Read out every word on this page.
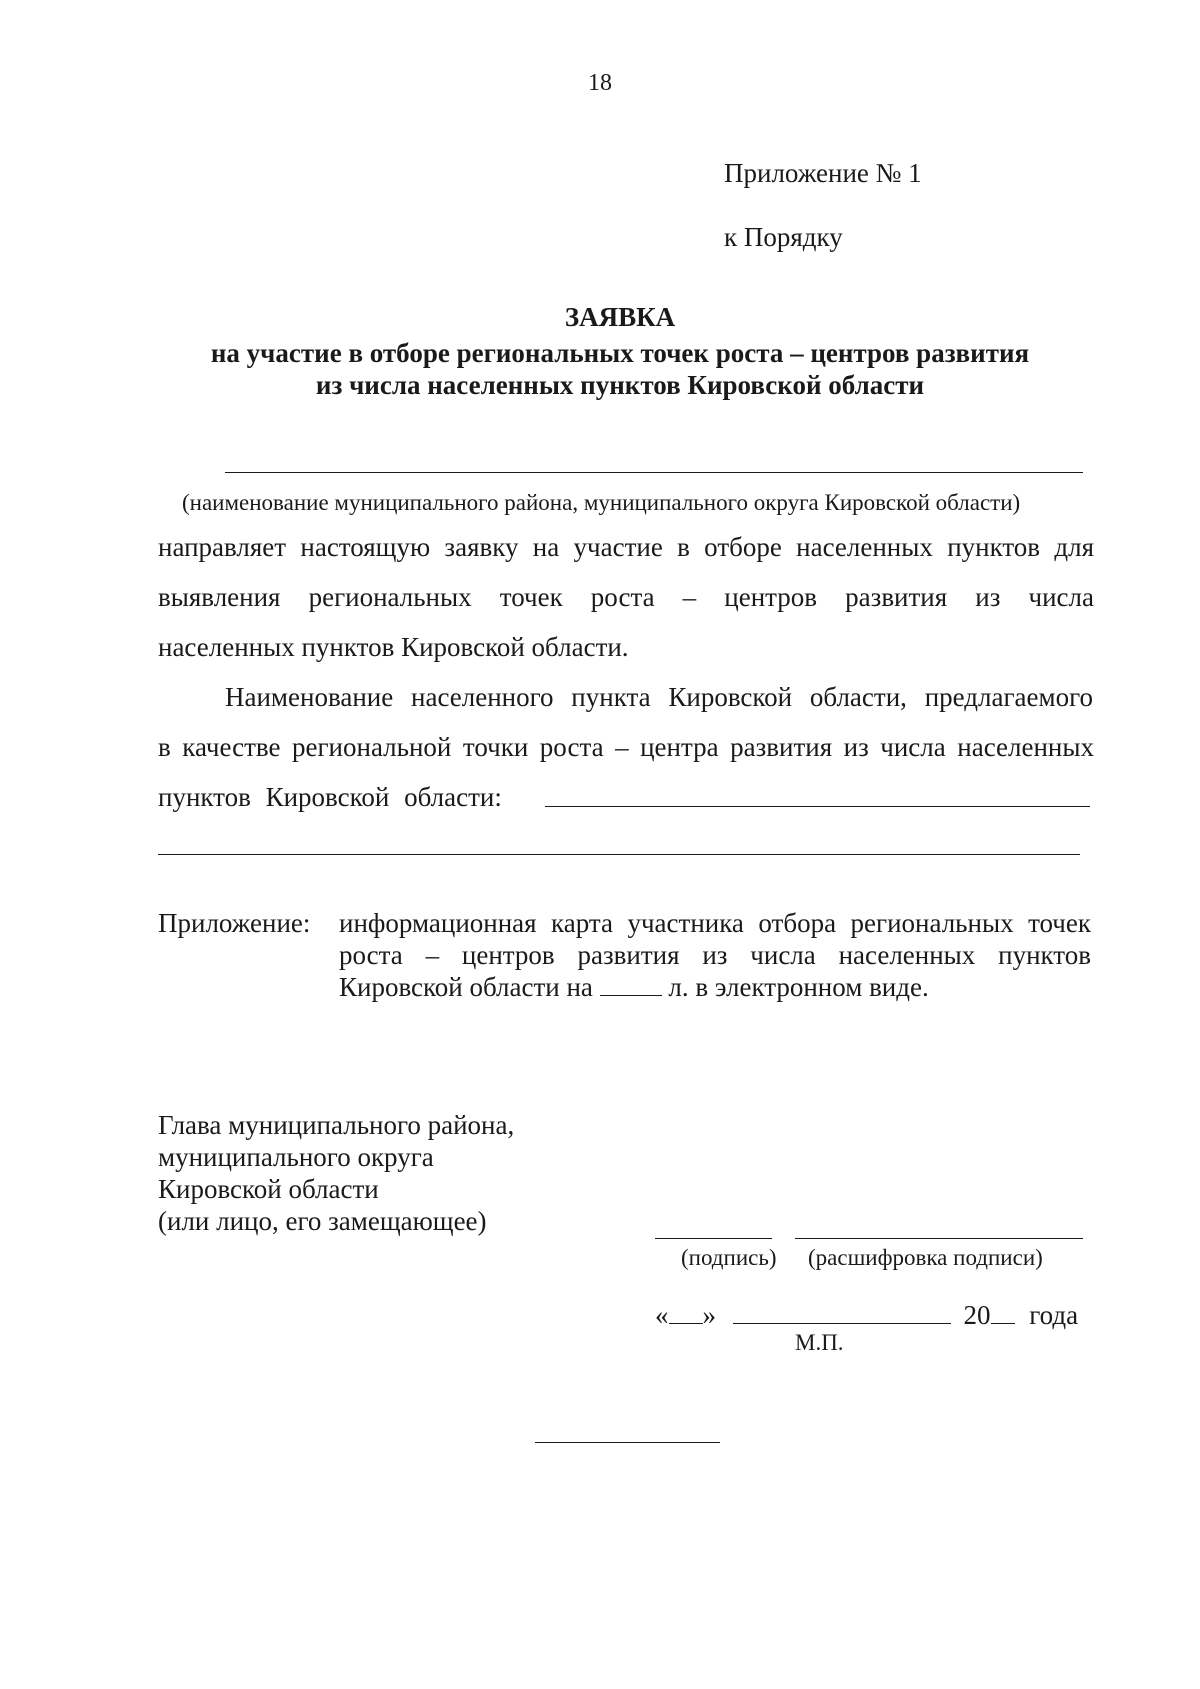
18
Приложение № 1
к Порядку
ЗАЯВКА
на участие в отборе региональных точек роста – центров развития
из числа населенных пунктов Кировской области
(наименование муниципального района, муниципального округа Кировской области)
направляет настоящую заявку на участие в отборе населенных пунктов для
выявления региональных точек роста – центров развития из числа
населенных пунктов Кировской области.
Наименование населенного пункта Кировской области, предлагаемого
в качестве региональной точки роста – центра развития из числа населенных
пунктов Кировской области:
Приложение: информационная карта участника отбора региональных точек
роста – центров развития из числа населенных пунктов
Кировской области на	л. в электронном виде.
Глава муниципального района,
муниципального округа
Кировской области
(или лицо, его замещающее)
(подпись) (расшифровка подписи)
« »	20 года
М.П.
